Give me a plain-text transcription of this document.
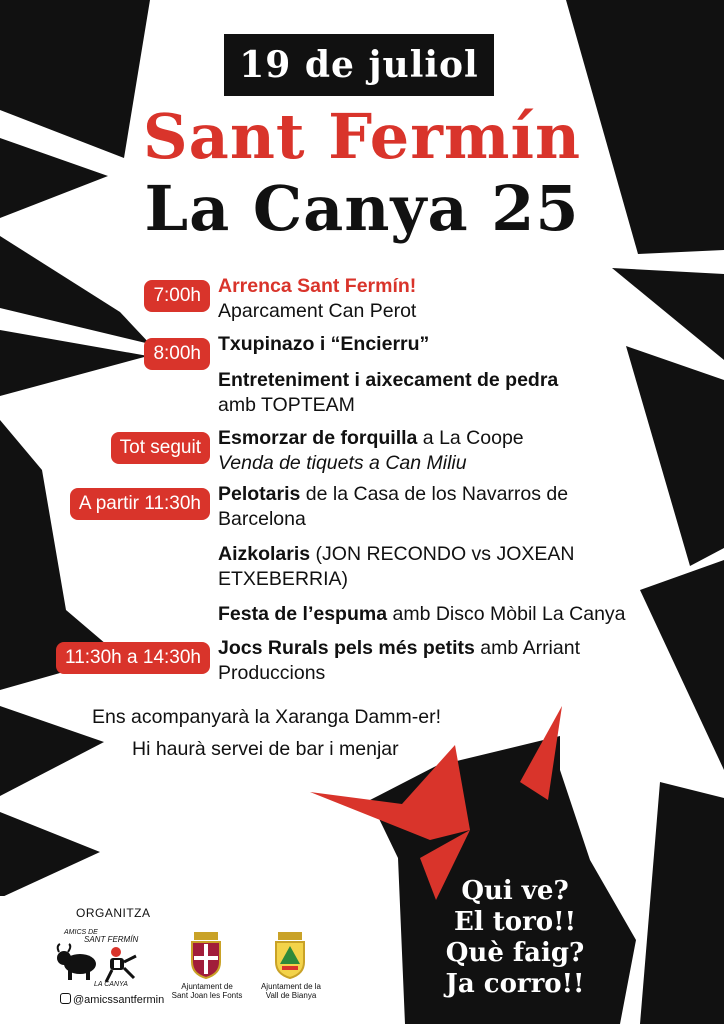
19 de juliol
Sant Fermín
La Canya 25
7:00h Arrenca Sant Fermín!
Aparcament Can Perot
8:00h Txupinazo i “Encierru”
Entreteniment i aixecament de pedra
amb TOPTEAM
Tot seguit Esmorzar de forquilla a La Coope
Venda de tiquets a Can Miliu
A partir 11:30h Pelotaris de la Casa de los Navarros de
Barcelona
Aizkolaris (JON RECONDO vs JOXEAN
ETXEBERRIA)
Festa de l’espuma amb Disco Mòbil La Canya
11:30h a 14:30h Jocs Rurals pels més petits amb Arriant
Produccions
Ens acompanyarà la Xaranga Damm-er!
Hi haurà servei de bar i menjar
Qui ve?
El toro!!
Què faig?
Ja corro!!
ORGANITZA
AMICS DE
SANT FERMÍN
LA CANYA
@amicssantfermin
Ajuntament de
Sant Joan les Fonts
Ajuntament de la
Vall de Bianya
